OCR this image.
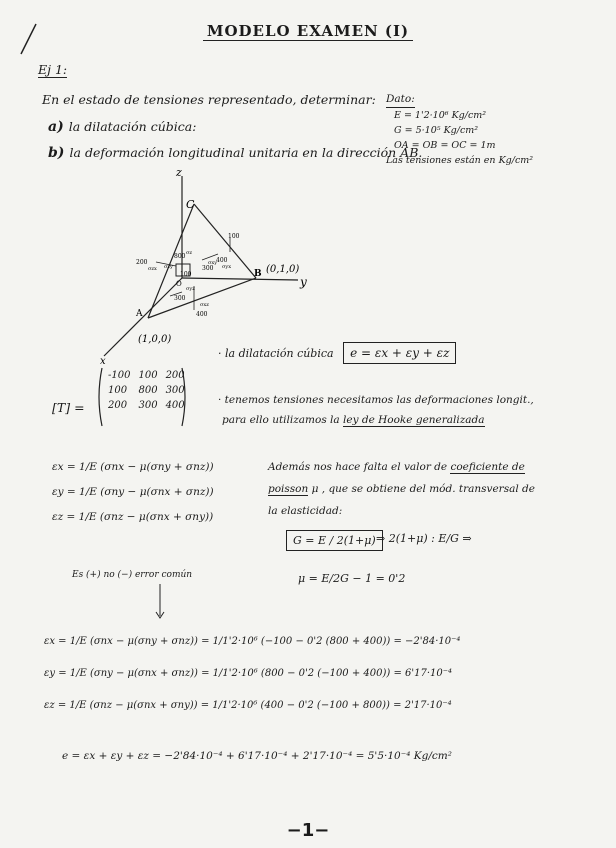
MODELO EXAMEN (I)
Ej 1:
En el estado de tensiones representado, determinar:
a) la dilatación cúbica:
b) la deformación longitudinal unitaria en la dirección AB.
Dato:
E = 1'2·10⁶ Kg/cm²
G = 5·10⁵ Kg/cm²
OA = OB = OC = 1m
Las tensiones están en Kg/cm²
z
y
x
C
B
A
O
(0,1,0)
(1,0,0)
100
200	400
300
800
100
300
400
σzx σzy
σz
σxy
σyx
σyz
σxz
· la dilatación cúbica e = εx + εy + εz
[T] =
-100	100	200
100	800	300
200	300	400	· tenemos tensiones necesitamos las deformaciones longit.,
para ello utilizamos la ley de Hooke generalizada
εx = 1/E (σnx − μ(σny + σnz))
εy = 1/E (σny − μ(σnx + σnz))
εz = 1/E (σnz − μ(σnx + σny))
Además nos hace falta el valor de coeficiente de
poisson μ , que se obtiene del mód. transversal de
la elasticidad:
G = E / 2(1+μ) ⇒ 2(1+μ) : E/G ⇒
μ = E/2G − 1 = 0'2
Es (+) no (−) error común
εx = 1/E (σnx − μ(σny + σnz)) = 1/1'2·10⁶ (−100 − 0'2 (800 + 400)) = −2'84·10⁻⁴
εy = 1/E (σny − μ(σnx + σnz)) = 1/1'2·10⁶ (800 − 0'2 (−100 + 400)) = 6'17·10⁻⁴
εz = 1/E (σnz − μ(σnx + σny)) = 1/1'2·10⁶ (400 − 0'2 (−100 + 800)) = 2'17·10⁻⁴
e = εx + εy + εz = −2'84·10⁻⁴ + 6'17·10⁻⁴ + 2'17·10⁻⁴ = 5'5·10⁻⁴ Kg/cm²
−1−
